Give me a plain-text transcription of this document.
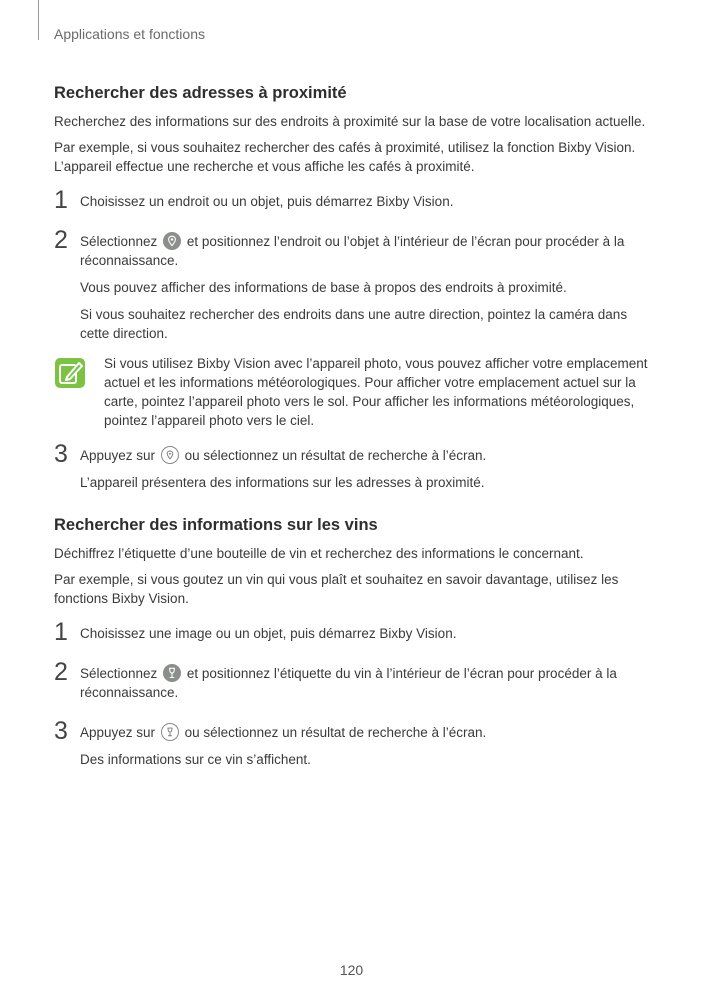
Applications et fonctions
Rechercher des adresses à proximité

Recherchez des informations sur des endroits à proximité sur la base de votre localisation actuelle.

Par exemple, si vous souhaitez rechercher des cafés à proximité, utilisez la fonction Bixby Vision. L’appareil effectue une recherche et vous affiche les cafés à proximité.

1 Choisissez un endroit ou un objet, puis démarrez Bixby Vision.

2 Sélectionnez et positionnez l’endroit ou l’objet à l’intérieur de l’écran pour procéder à la réconnaissance.

Vous pouvez afficher des informations de base à propos des endroits à proximité.

Si vous souhaitez rechercher des endroits dans une autre direction, pointez la caméra dans cette direction.

Si vous utilisez Bixby Vision avec l’appareil photo, vous pouvez afficher votre emplacement actuel et les informations météorologiques. Pour afficher votre emplacement actuel sur la carte, pointez l’appareil photo vers le sol. Pour afficher les informations météorologiques, pointez l’appareil photo vers le ciel.

3 Appuyez sur ou sélectionnez un résultat de recherche à l’écran.

L’appareil présentera des informations sur les adresses à proximité.

Rechercher des informations sur les vins

Déchiffrez l’étiquette d’une bouteille de vin et recherchez des informations le concernant.

Par exemple, si vous goutez un vin qui vous plaît et souhaitez en savoir davantage, utilisez les fonctions Bixby Vision.

1 Choisissez une image ou un objet, puis démarrez Bixby Vision.

2 Sélectionnez et positionnez l’étiquette du vin à l’intérieur de l’écran pour procéder à la réconnaissance.

3 Appuyez sur ou sélectionnez un résultat de recherche à l’écran.

Des informations sur ce vin s’affichent.

120
